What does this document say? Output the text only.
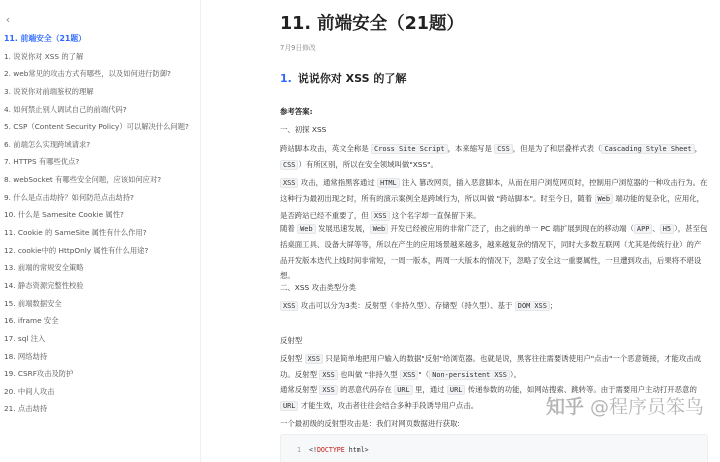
11. 前端安全（21题）
1. 说说你对 XSS 的了解
2. web常见的攻击方式有哪些，以及如何进行防御?
3. 说说你对前端鉴权的理解
4. 如何禁止别人调试自己的前端代码?
5. CSP（Content Security Policy）可以解决什么问题?
6. 前端怎么实现跨域请求?
7. HTTPS 有哪些优点?
8. webSocket 有哪些安全问题，应该如何应对?
9. 什么是点击劫持？如何防范点击劫持?
10. 什么是 Samesite Cookie 属性?
11. Cookie 的 SameSite 属性有什么作用?
12. cookie中的 HttpOnly 属性有什么用途?
13. 前端的常规安全策略
14. 静态资源完整性校验
15. 前端数据安全
16. iframe 安全
17. sql 注入
18. 网络劫持
19. CSRF攻击及防护
20. 中间人攻击
21. 点击劫持
‹	11. 前端安全（21题）
7月9日修改
1. 说说你对 XSS 的了解
参考答案:
一、初探 XSS
跨站脚本攻击，英文全称是 Cross Site Script ，本来缩写是 CSS ，但是为了和层叠样式表（ Cascading Style Sheet ，CSS ）有所区别，所以在安全领域叫做"XSS"。
XSS 攻击，通常指黑客通过 HTML 注入 篡改网页，插入恶意脚本，从而在用户浏览网页时，控制用户浏览器的一种攻击行为。在这种行为最初出现之时，所有的演示案例全是跨域行为，所以叫做 "跨站脚本"。时至今日，随着 Web 端功能的复杂化，应用化，是否跨站已经不重要了，但 XSS 这个名字却一直保留下来。
随着 Web 发展迅速发展， Web 开发已经被应用的非常广泛了，由之前的单一 PC 端扩展到现在的移动端（ APP 、 H5 ），甚至包括桌面工具、设备大屏等等，所以在产生的应用场景越来越多，越来越复杂的情况下，同时大多数互联网（尤其是传统行业）的产品开发版本迭代上线时间非常短，一周一版本，两周一大版本的情况下，忽略了安全这一重要属性，一旦遭到攻击，后果将不堪设想。
二、XSS 攻击类型分类
XSS 攻击可以分为3类：反射型（非持久型）、存储型（持久型）、基于 DOM XSS ；
反射型
反射型 XSS 只是简单地把用户输入的数据"反射"给浏览器。也就是说，黑客往往需要诱使用户"点击"一个恶意链接，才能攻击成功。反射型 XSS 也叫做 "非持久型 XSS "（ Non-persistent XSS ）。
通常反射型 XSS 的恶意代码存在 URL 里，通过 URL 传递参数的功能，如网站搜索、跳转等。由于需要用户主动打开恶意的 URL 才能生效，攻击者往往会结合多种手段诱导用户点击。
1 <!DOCTYPE html>
一个最初级的反射型攻击是：我们对网页数据进行获取:
知乎 @程序员笨鸟
